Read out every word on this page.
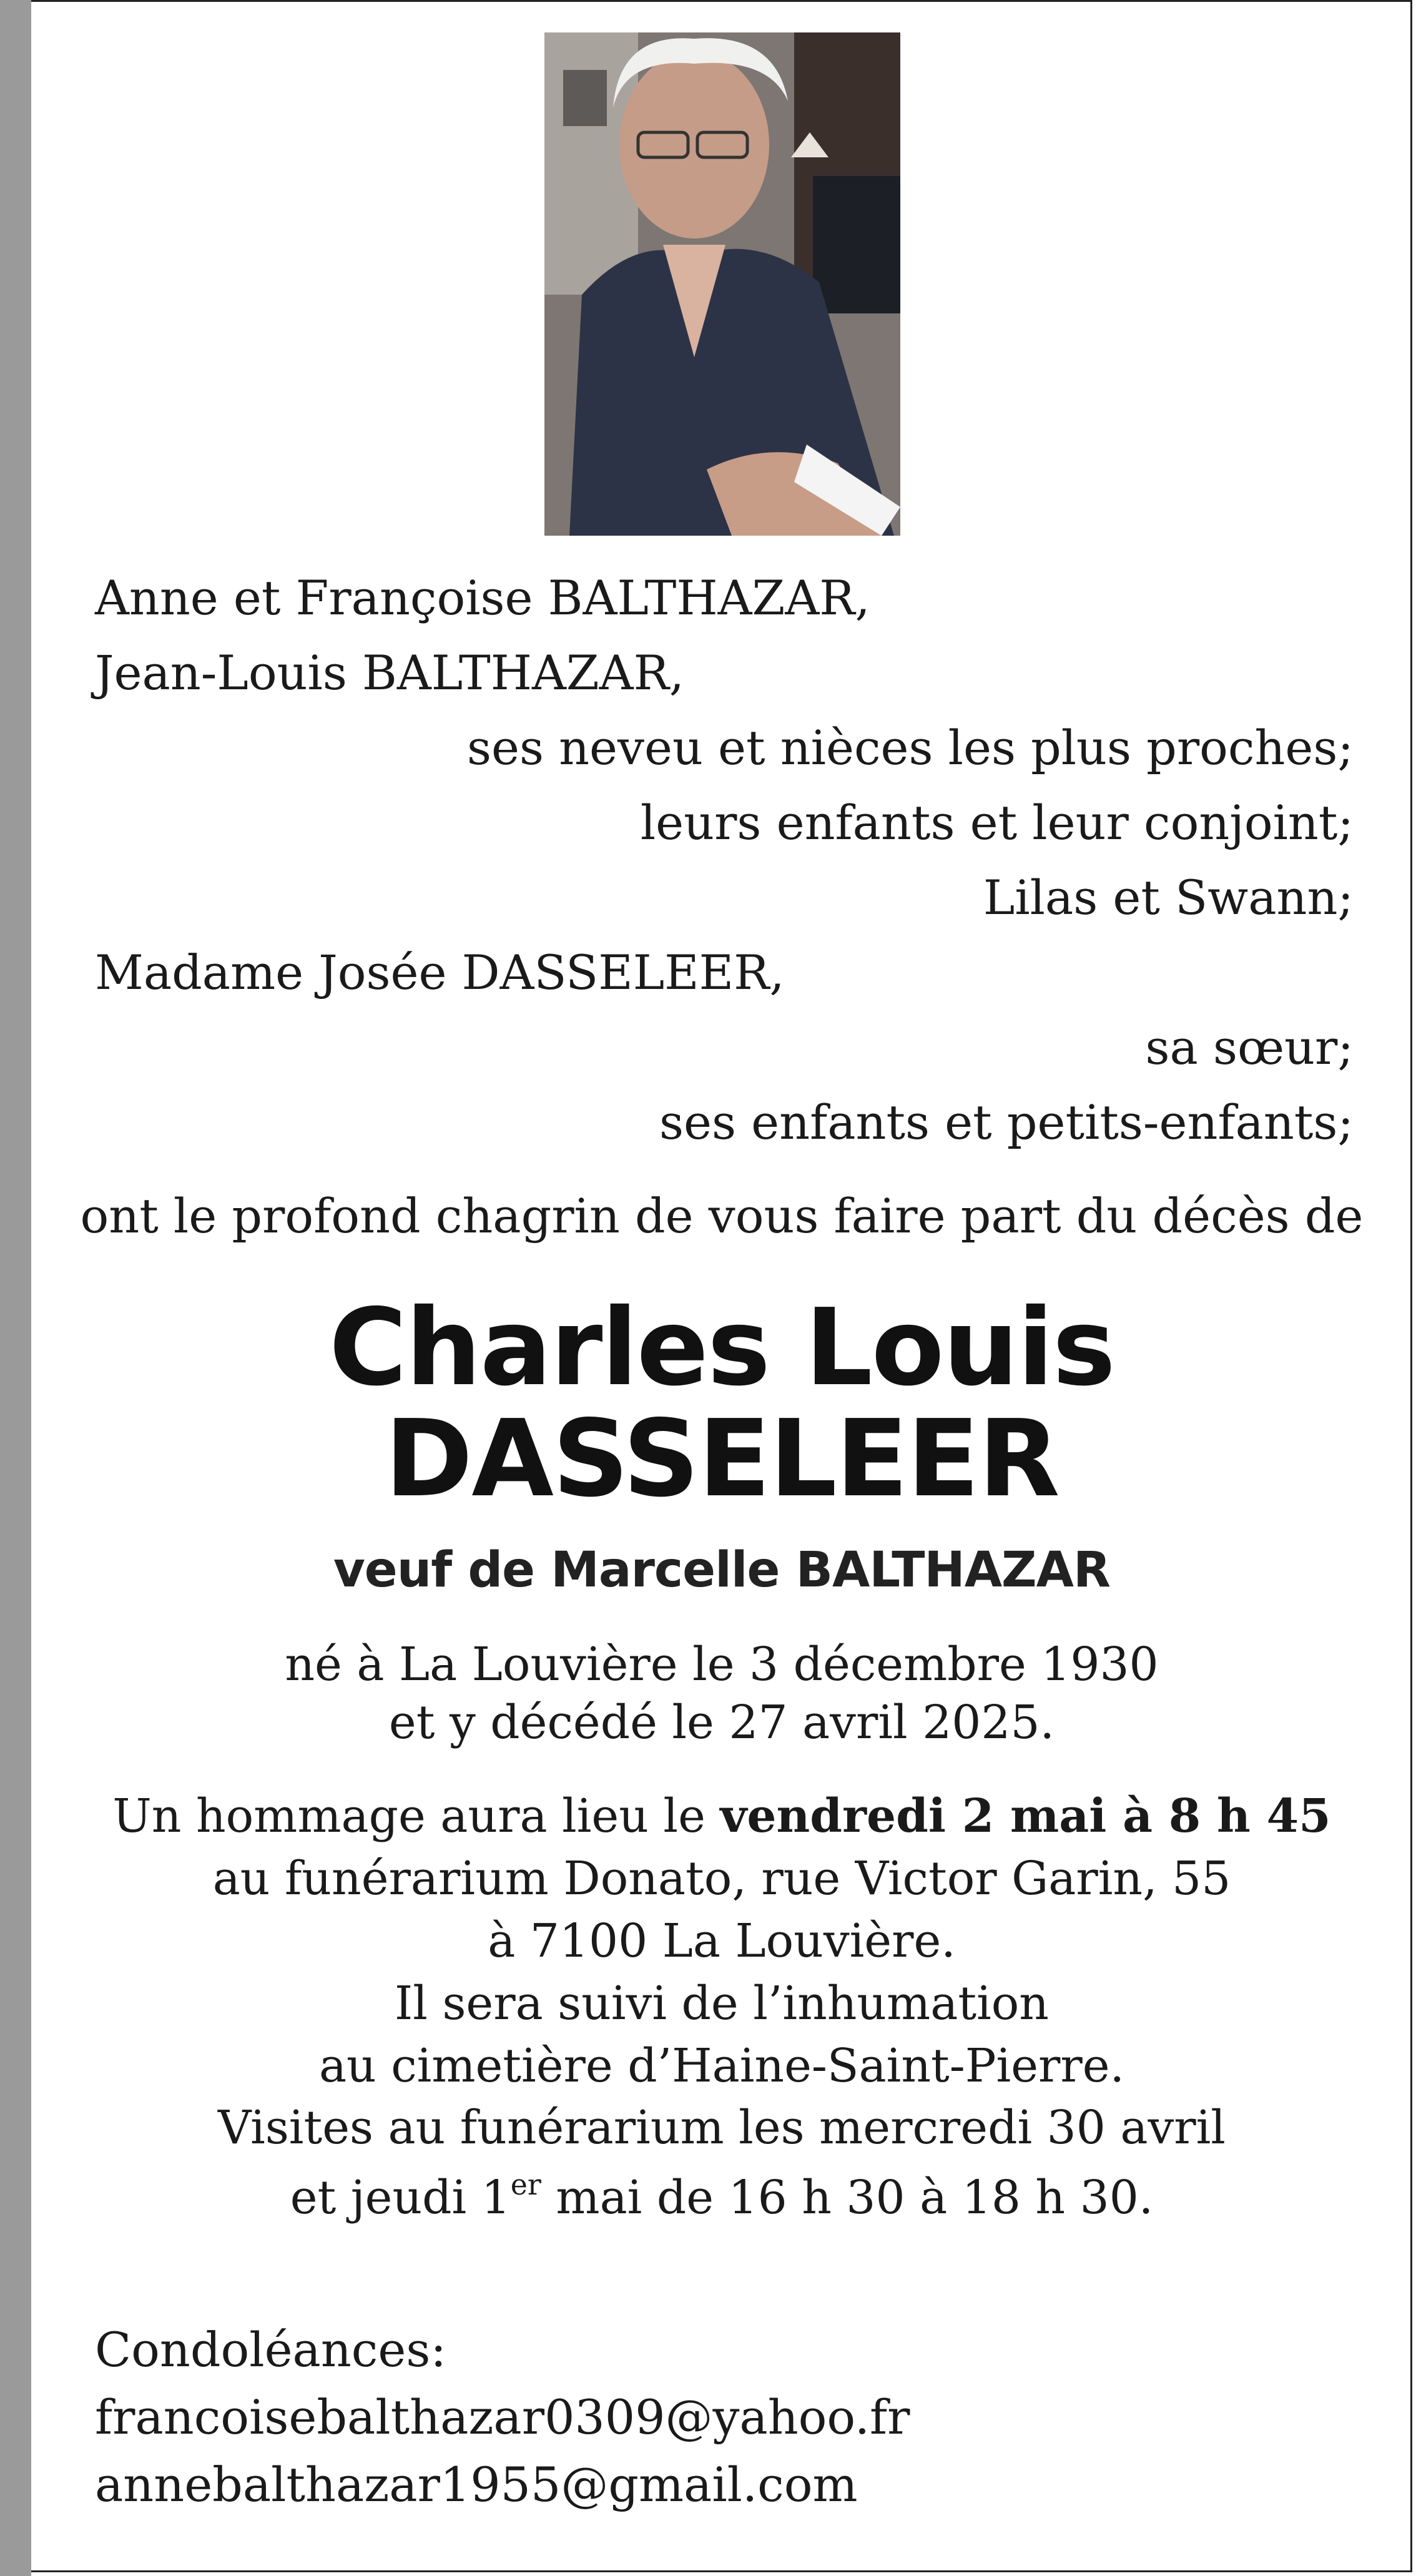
Anne et Françoise BALTHAZAR,
Jean-Louis BALTHAZAR,
ses neveu et nièces les plus proches;
leurs enfants et leur conjoint;
Lilas et Swann;
Madame Josée DASSELEER,
sa sœur;
ses enfants et petits-enfants;
ont le profond chagrin de vous faire part du décès de
Charles Louis
DASSELEER
veuf de Marcelle BALTHAZAR
né à La Louvière le 3 décembre 1930
et y décédé le 27 avril 2025.
Un hommage aura lieu le vendredi 2 mai à 8 h 45
au funérarium Donato, rue Victor Garin, 55
à 7100 La Louvière.
Il sera suivi de l’inhumation
au cimetière d’Haine-Saint-Pierre.
Visites au funérarium les mercredi 30 avril
et jeudi 1er mai de 16 h 30 à 18 h 30.
Condoléances:
francoisebalthazar0309@yahoo.fr
annebalthazar1955@gmail.com
